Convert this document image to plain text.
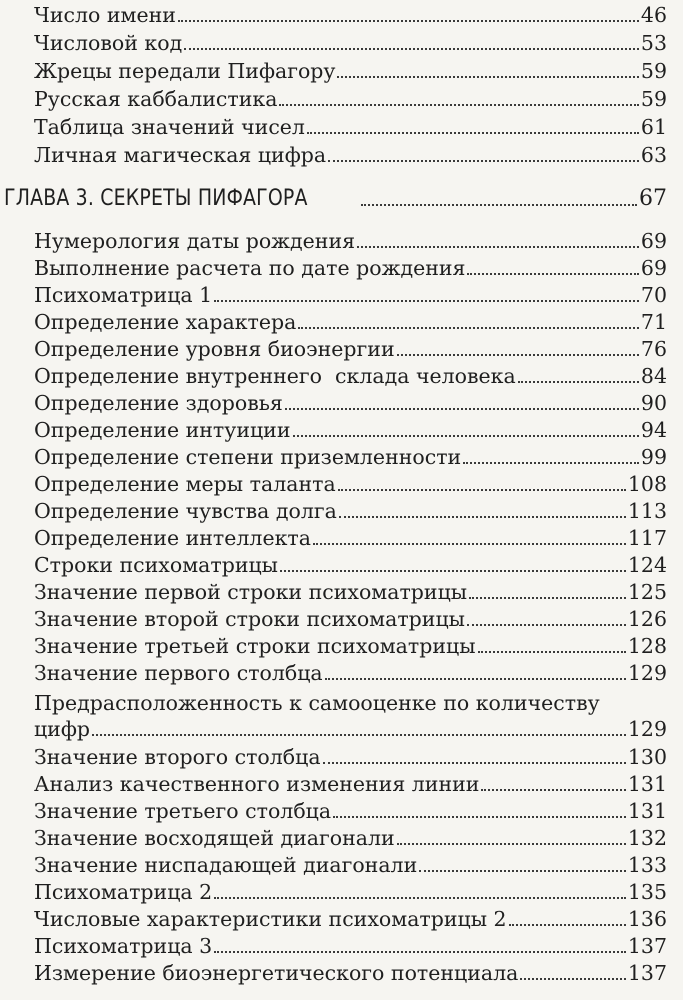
Число имени	46
Числовой код	53
Жрецы передали Пифагору	59
Русская каббалистика	59
Таблица значений чисел	61
Личная магическая цифра	63
ГЛАВА 3. СЕКРЕТЫ ПИФАГОРА	67
Нумерология даты рождения	69
Выполнение расчета по дате рождения	69
Психоматрица 1	70
Определение характера	71
Определение уровня биоэнергии	76
Определение внутреннего  склада человека	84
Определение здоровья	90
Определение интуиции	94
Определение степени приземленности	99
Определение меры таланта	108
Определение чувства долга	113
Определение интеллекта	117
Строки психоматрицы	124
Значение первой строки психоматрицы	125
Значение второй строки психоматрицы	126
Значение третьей строки психоматрицы	128
Значение первого столбца	129
Предрасположенность к самооценке по количеству
цифр	129
Значение второго столбца	130
Анализ качественного изменения линии	131
Значение третьего столбца	131
Значение восходящей диагонали	132
Значение ниспадающей диагонали	133
Психоматрица 2	135
Числовые характеристики психоматрицы 2	136
Психоматрица 3	137
Измерение биоэнергетического потенциала	137
